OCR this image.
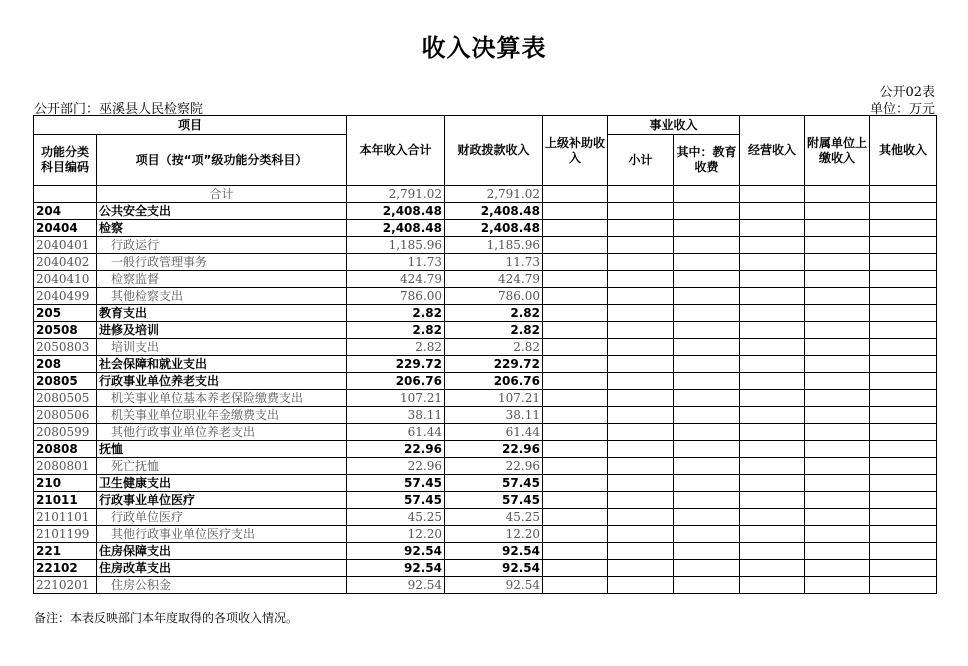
收入决算表
公开02表
公开部门：巫溪县人民检察院	单位：万元
项目		本年收入合计	财政拨款收入	上级补助收入	事业收入		经营收入	附属单位上缴收入	其他收入
功能分类科目编码	项目（按“项”级功能分类科目）				小计	其中：教育收费			
	合计	2,791.02	2,791.02						
204	公共安全支出	2,408.48	2,408.48						
20404	检察	2,408.48	2,408.48						
2040401	行政运行	1,185.96	1,185.96						
2040402	一般行政管理事务	11.73	11.73						
2040410	检察监督	424.79	424.79						
2040499	其他检察支出	786.00	786.00						
205	教育支出	2.82	2.82						
20508	进修及培训	2.82	2.82						
2050803	培训支出	2.82	2.82						
208	社会保障和就业支出	229.72	229.72						
20805	行政事业单位养老支出	206.76	206.76						
2080505	机关事业单位基本养老保险缴费支出	107.21	107.21						
2080506	机关事业单位职业年金缴费支出	38.11	38.11						
2080599	其他行政事业单位养老支出	61.44	61.44						
20808	抚恤	22.96	22.96						
2080801	死亡抚恤	22.96	22.96						
210	卫生健康支出	57.45	57.45						
21011	行政事业单位医疗	57.45	57.45						
2101101	行政单位医疗	45.25	45.25						
2101199	其他行政事业单位医疗支出	12.20	12.20						
221	住房保障支出	92.54	92.54						
22102	住房改革支出	92.54	92.54						
2210201	住房公积金	92.54	92.54						
备注：本表反映部门本年度取得的各项收入情况。
